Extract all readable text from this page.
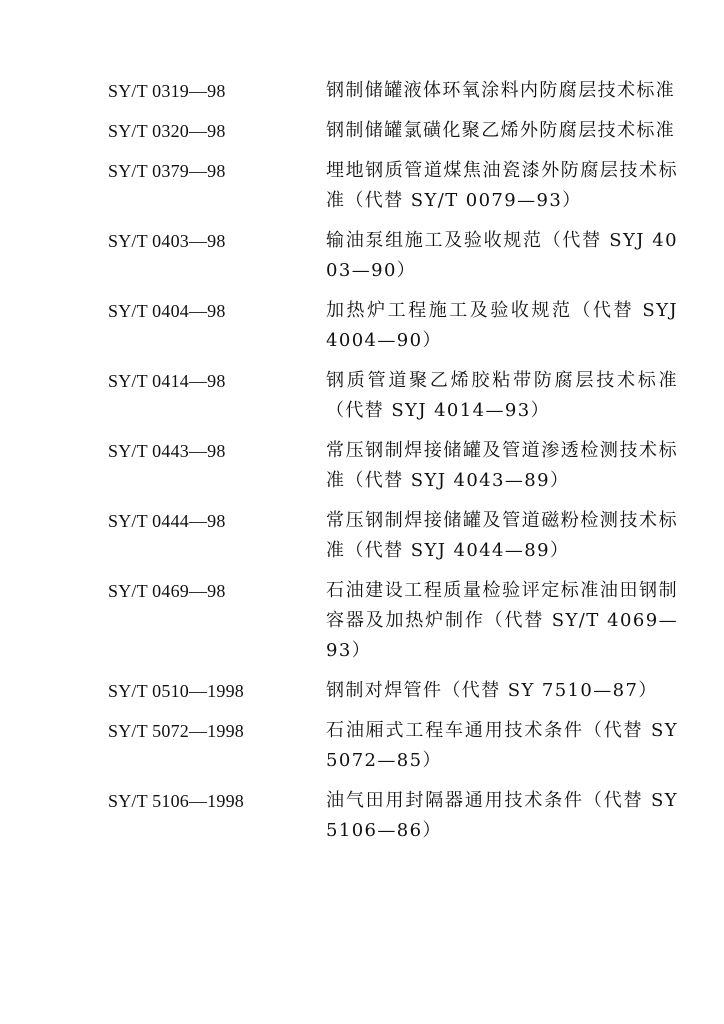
SY/T 0319—98	钢制储罐液体环氧涂料内防腐层技术标准
SY/T 0320—98	钢制储罐氯磺化聚乙烯外防腐层技术标准
SY/T 0379—98	埋地钢质管道煤焦油瓷漆外防腐层技术标准（代替 SY/T 0079—93）
SY/T 0403—98	输油泵组施工及验收规范（代替 SYJ 4003—90）
SY/T 0404—98	加热炉工程施工及验收规范（代替 SYJ 4004—90）
SY/T 0414—98	钢质管道聚乙烯胶粘带防腐层技术标准（代替 SYJ 4014—93）
SY/T 0443—98	常压钢制焊接储罐及管道渗透检测技术标准（代替 SYJ 4043—89）
SY/T 0444—98	常压钢制焊接储罐及管道磁粉检测技术标准（代替 SYJ 4044—89）
SY/T 0469—98	石油建设工程质量检验评定标准油田钢制容器及加热炉制作（代替 SY/T 4069—93）
SY/T 0510—1998	钢制对焊管件（代替 SY 7510—87）
SY/T 5072—1998	石油厢式工程车通用技术条件（代替 SY 5072—85）
SY/T 5106—1998	油气田用封隔器通用技术条件（代替 SY 5106—86）
